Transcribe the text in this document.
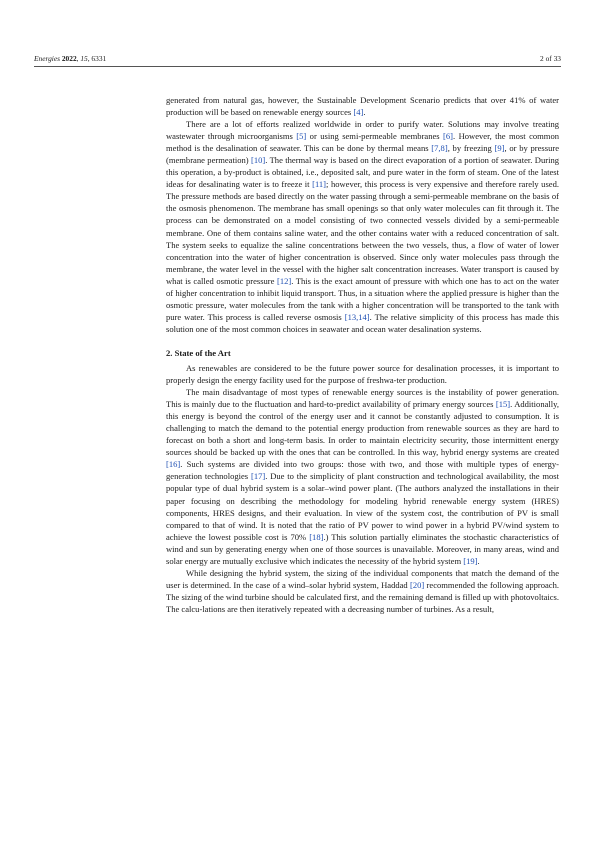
Energies 2022, 15, 6331	2 of 33

generated from natural gas, however, the Sustainable Development Scenario predicts that over 41% of water production will be based on renewable energy sources [4].

There are a lot of efforts realized worldwide in order to purify water. Solutions may involve treating wastewater through microorganisms [5] or using semi-permeable membranes [6]. However, the most common method is the desalination of seawater. This can be done by thermal means [7,8], by freezing [9], or by pressure (membrane permeation) [10]. The thermal way is based on the direct evaporation of a portion of seawater. During this operation, a by-product is obtained, i.e., deposited salt, and pure water in the form of steam. One of the latest ideas for desalinating water is to freeze it [11]; however, this process is very expensive and therefore rarely used. The pressure methods are based directly on the water passing through a semi-permeable membrane on the basis of the osmosis phenomenon. The membrane has small openings so that only water molecules can fit through it. The process can be demonstrated on a model consisting of two connected vessels divided by a semi-permeable membrane. One of them contains saline water, and the other contains water with a reduced concentration of salt. The system seeks to equalize the saline concentrations between the two vessels, thus, a flow of water of lower concentration into the water of higher concentration is observed. Since only water molecules pass through the membrane, the water level in the vessel with the higher salt concentration increases. Water transport is caused by what is called osmotic pressure [12]. This is the exact amount of pressure with which one has to act on the water of higher concentration to inhibit liquid transport. Thus, in a situation where the applied pressure is higher than the osmotic pressure, water molecules from the tank with a higher concentration will be transported to the tank with pure water. This process is called reverse osmosis [13,14]. The relative simplicity of this process has made this solution one of the most common choices in seawater and ocean water desalination systems.

2. State of the Art

As renewables are considered to be the future power source for desalination processes, it is important to properly design the energy facility used for the purpose of freshwa-ter production.

The main disadvantage of most types of renewable energy sources is the instability of power generation. This is mainly due to the fluctuation and hard-to-predict availability of primary energy sources [15]. Additionally, this energy is beyond the control of the energy user and it cannot be constantly adjusted to consumption. It is challenging to match the demand to the potential energy production from renewable sources as they are hard to forecast on both a short and long-term basis. In order to maintain electricity security, those intermittent energy sources should be backed up with the ones that can be controlled. In this way, hybrid energy systems are created [16]. Such systems are divided into two groups: those with two, and those with multiple types of energy-generation technologies [17]. Due to the simplicity of plant construction and technological availability, the most popular type of dual hybrid system is a solar–wind power plant. (The authors analyzed the installations in their paper focusing on describing the methodology for modeling hybrid renewable energy system (HRES) components, HRES designs, and their evaluation. In view of the system cost, the contribution of PV is small compared to that of wind. It is noted that the ratio of PV power to wind power in a hybrid PV/wind system to achieve the lowest possible cost is 70% [18].) This solution partially eliminates the stochastic characteristics of wind and sun by generating energy when one of those sources is unavailable. Moreover, in many areas, wind and solar energy are mutually exclusive which indicates the necessity of the hybrid system [19].

While designing the hybrid system, the sizing of the individual components that match the demand of the user is determined. In the case of a wind–solar hybrid system, Haddad [20] recommended the following approach. The sizing of the wind turbine should be calculated first, and the remaining demand is filled up with photovoltaics. The calcu-lations are then iteratively repeated with a decreasing number of turbines. As a result,
